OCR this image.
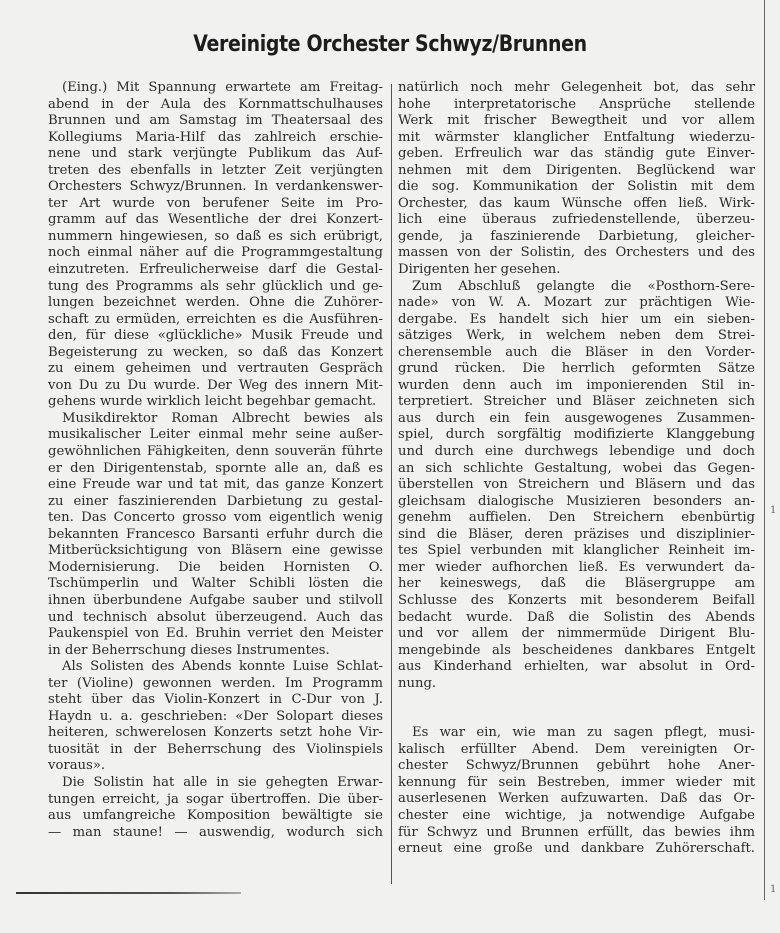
Vereinigte Orchester Schwyz/Brunnen
(Eing.) Mit Spannung erwartete am Freitag-
abend in der Aula des Kornmattschulhauses
Brunnen und am Samstag im Theatersaal des
Kollegiums Maria-Hilf das zahlreich erschie-
nene und stark verjüngte Publikum das Auf-
treten des ebenfalls in letzter Zeit verjüngten
Orchesters Schwyz/Brunnen. In verdankenswer-
ter Art wurde von berufener Seite im Pro-
gramm auf das Wesentliche der drei Konzert-
nummern hingewiesen, so daß es sich erübrigt,
noch einmal näher auf die Programmgestaltung
einzutreten. Erfreulicherweise darf die Gestal-
tung des Programms als sehr glücklich und ge-
lungen bezeichnet werden. Ohne die Zuhörer-
schaft zu ermüden, erreichten es die Ausführen-
den, für diese «glückliche» Musik Freude und
Begeisterung zu wecken, so daß das Konzert
zu einem geheimen und vertrauten Gespräch
von Du zu Du wurde. Der Weg des innern Mit-
gehens wurde wirklich leicht begehbar gemacht.
Musikdirektor Roman Albrecht bewies als
musikalischer Leiter einmal mehr seine außer-
gewöhnlichen Fähigkeiten, denn souverän führte
er den Dirigentenstab, spornte alle an, daß es
eine Freude war und tat mit, das ganze Konzert
zu einer faszinierenden Darbietung zu gestal-
ten. Das Concerto grosso vom eigentlich wenig
bekannten Francesco Barsanti erfuhr durch die
Mitberücksichtigung von Bläsern eine gewisse
Modernisierung. Die beiden Hornisten O.
Tschümperlin und Walter Schibli lösten die
ihnen überbundene Aufgabe sauber und stilvoll
und technisch absolut überzeugend. Auch das
Paukenspiel von Ed. Bruhin verriet den Meister
in der Beherrschung dieses Instrumentes.
Als Solisten des Abends konnte Luise Schlat-
ter (Violine) gewonnen werden. Im Programm
steht über das Violin-Konzert in C-Dur von J.
Haydn u. a. geschrieben: «Der Solopart dieses
heiteren, schwerelosen Konzerts setzt hohe Vir-
tuosität in der Beherrschung des Violinspiels
voraus».
Die Solistin hat alle in sie gehegten Erwar-
tungen erreicht, ja sogar übertroffen. Die über-
aus umfangreiche Komposition bewältigte sie
— man staune! — auswendig, wodurch sich
natürlich noch mehr Gelegenheit bot, das sehr
hohe interpretatorische Ansprüche stellende
Werk mit frischer Bewegtheit und vor allem
mit wärmster klanglicher Entfaltung wiederzu-
geben. Erfreulich war das ständig gute Einver-
nehmen mit dem Dirigenten. Beglückend war
die sog. Kommunikation der Solistin mit dem
Orchester, das kaum Wünsche offen ließ. Wirk-
lich eine überaus zufriedenstellende, überzeu-
gende, ja faszinierende Darbietung, gleicher-
massen von der Solistin, des Orchesters und des
Dirigenten her gesehen.
Zum Abschluß gelangte die «Posthorn-Sere-
nade» von W. A. Mozart zur prächtigen Wie-
dergabe. Es handelt sich hier um ein sieben-
sätziges Werk, in welchem neben dem Strei-
cherensemble auch die Bläser in den Vorder-
grund rücken. Die herrlich geformten Sätze
wurden denn auch im imponierenden Stil in-
terpretiert. Streicher und Bläser zeichneten sich
aus durch ein fein ausgewogenes Zusammen-
spiel, durch sorgfältig modifizierte Klanggebung
und durch eine durchwegs lebendige und doch
an sich schlichte Gestaltung, wobei das Gegen-
überstellen von Streichern und Bläsern und das
gleichsam dialogische Musizieren besonders an-
genehm auffielen. Den Streichern ebenbürtig
sind die Bläser, deren präzises und disziplinier-
tes Spiel verbunden mit klanglicher Reinheit im-
mer wieder aufhorchen ließ. Es verwundert da-
her keineswegs, daß die Bläsergruppe am
Schlusse des Konzerts mit besonderem Beifall
bedacht wurde. Daß die Solistin des Abends
und vor allem der nimmermüde Dirigent Blu-
mengebinde als bescheidenes dankbares Entgelt
aus Kinderhand erhielten, war absolut in Ord-
nung.
Es war ein, wie man zu sagen pflegt, musi-
kalisch erfüllter Abend. Dem vereinigten Or-
chester Schwyz/Brunnen gebührt hohe Aner-
kennung für sein Bestreben, immer wieder mit
auserlesenen Werken aufzuwarten. Daß das Or-
chester eine wichtige, ja notwendige Aufgabe
für Schwyz und Brunnen erfüllt, das bewies ihm
erneut eine große und dankbare Zuhörerschaft.
1
1
